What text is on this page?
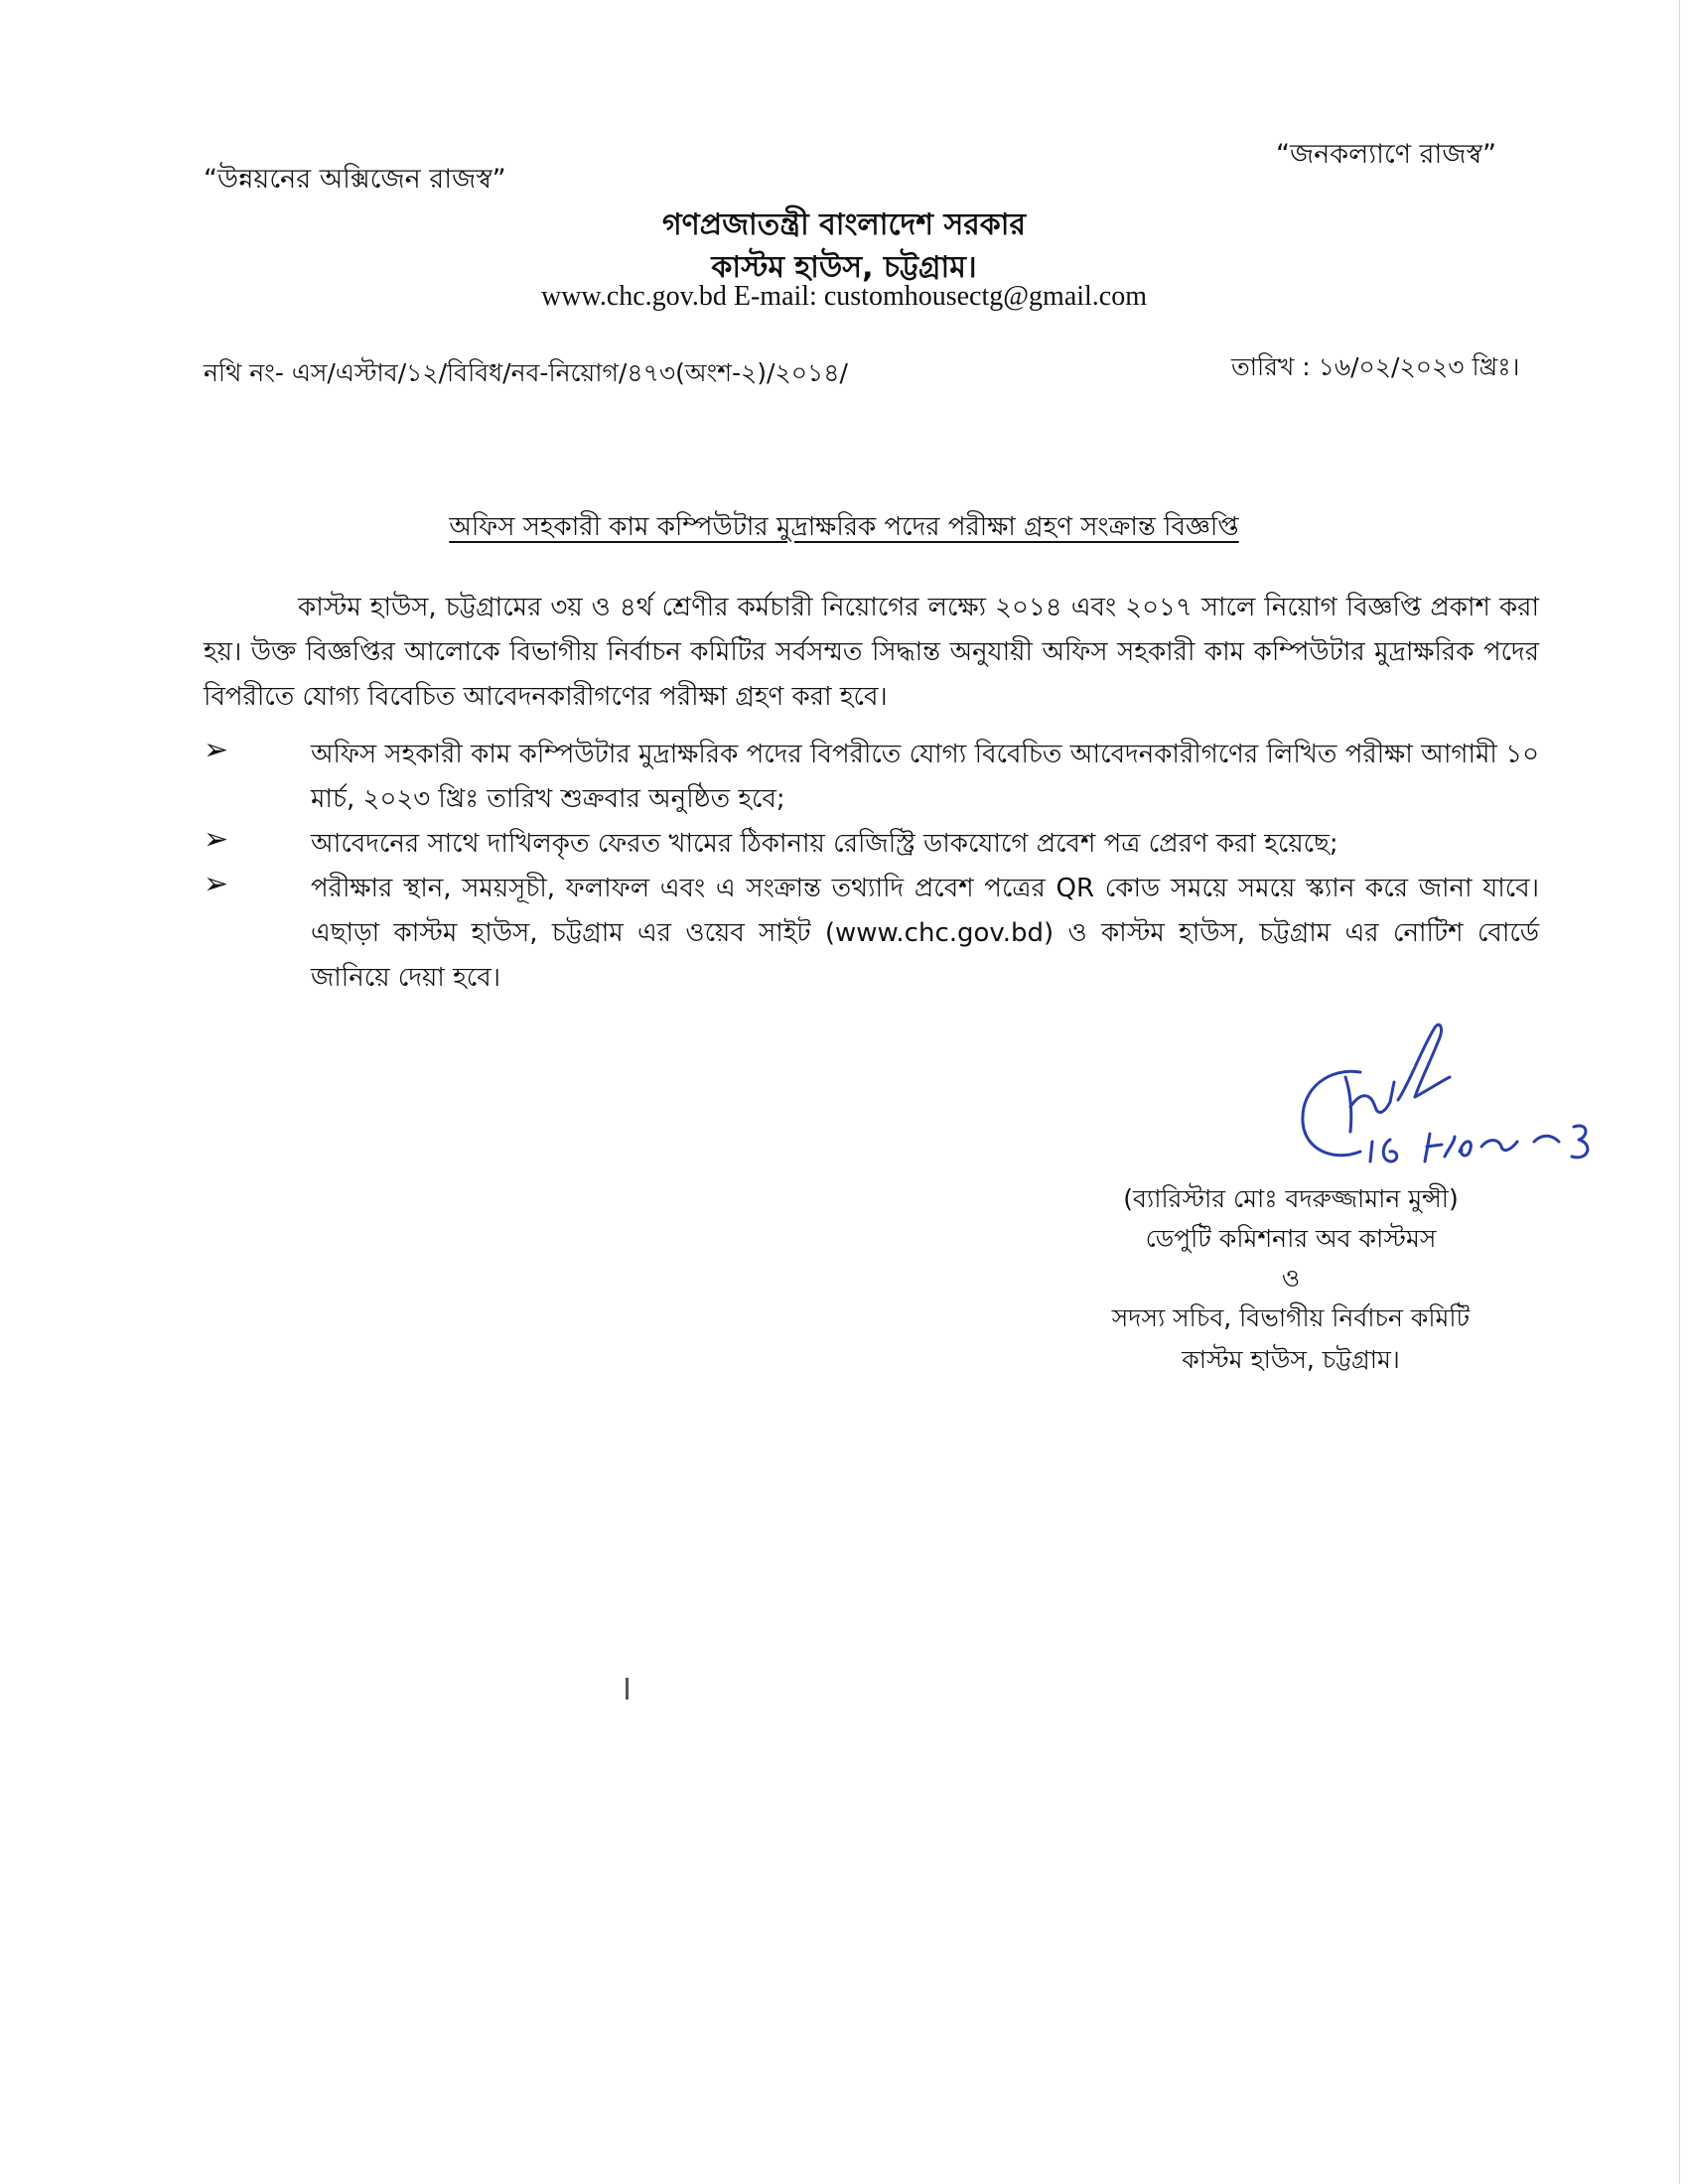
“উন্নয়নের অক্সিজেন রাজস্ব”
“জনকল্যাণে রাজস্ব”
গণপ্রজাতন্ত্রী বাংলাদেশ সরকার
কাস্টম হাউস, চট্টগ্রাম।
www.chc.gov.bd E-mail: customhousectg@gmail.com
নথি নং- এস/এস্টাব/১২/বিবিধ/নব-নিয়োগ/৪৭৩(অংশ-২)/২০১৪/	তারিখ : ১৬/০২/২০২৩ খ্রিঃ।
অফিস সহকারী কাম কম্পিউটার মুদ্রাক্ষরিক পদের পরীক্ষা গ্রহণ সংক্রান্ত বিজ্ঞপ্তি
কাস্টম হাউস, চট্টগ্রামের ৩য় ও ৪র্থ শ্রেণীর কর্মচারী নিয়োগের লক্ষ্যে ২০১৪ এবং ২০১৭ সালে নিয়োগ বিজ্ঞপ্তি প্রকাশ করা হয়। উক্ত বিজ্ঞপ্তির আলোকে বিভাগীয় নির্বাচন কমিটির সর্বসম্মত সিদ্ধান্ত অনুযায়ী অফিস সহকারী কাম কম্পিউটার মুদ্রাক্ষরিক পদের বিপরীতে যোগ্য বিবেচিত আবেদনকারীগণের পরীক্ষা গ্রহণ করা হবে।
➢	অফিস সহকারী কাম কম্পিউটার মুদ্রাক্ষরিক পদের বিপরীতে যোগ্য বিবেচিত আবেদনকারীগণের লিখিত পরীক্ষা আগামী ১০ মার্চ, ২০২৩ খ্রিঃ তারিখ শুক্রবার অনুষ্ঠিত হবে;
➢	আবেদনের সাথে দাখিলকৃত ফেরত খামের ঠিকানায় রেজিস্ট্রি ডাকযোগে প্রবেশ পত্র প্রেরণ করা হয়েছে;
➢	পরীক্ষার স্থান, সময়সূচী, ফলাফল এবং এ সংক্রান্ত তথ্যাদি প্রবেশ পত্রের QR কোড সময়ে সময়ে স্ক্যান করে জানা যাবে। এছাড়া কাস্টম হাউস, চট্টগ্রাম এর ওয়েব সাইট (www.chc.gov.bd) ও কাস্টম হাউস, চট্টগ্রাম এর নোটিশ বোর্ডে জানিয়ে দেয়া হবে।
(ব্যারিস্টার মোঃ বদরুজ্জামান মুন্সী)
ডেপুটি কমিশনার অব কাস্টমস
ও
সদস্য সচিব, বিভাগীয় নির্বাচন কমিটি
কাস্টম হাউস, চট্টগ্রাম।
